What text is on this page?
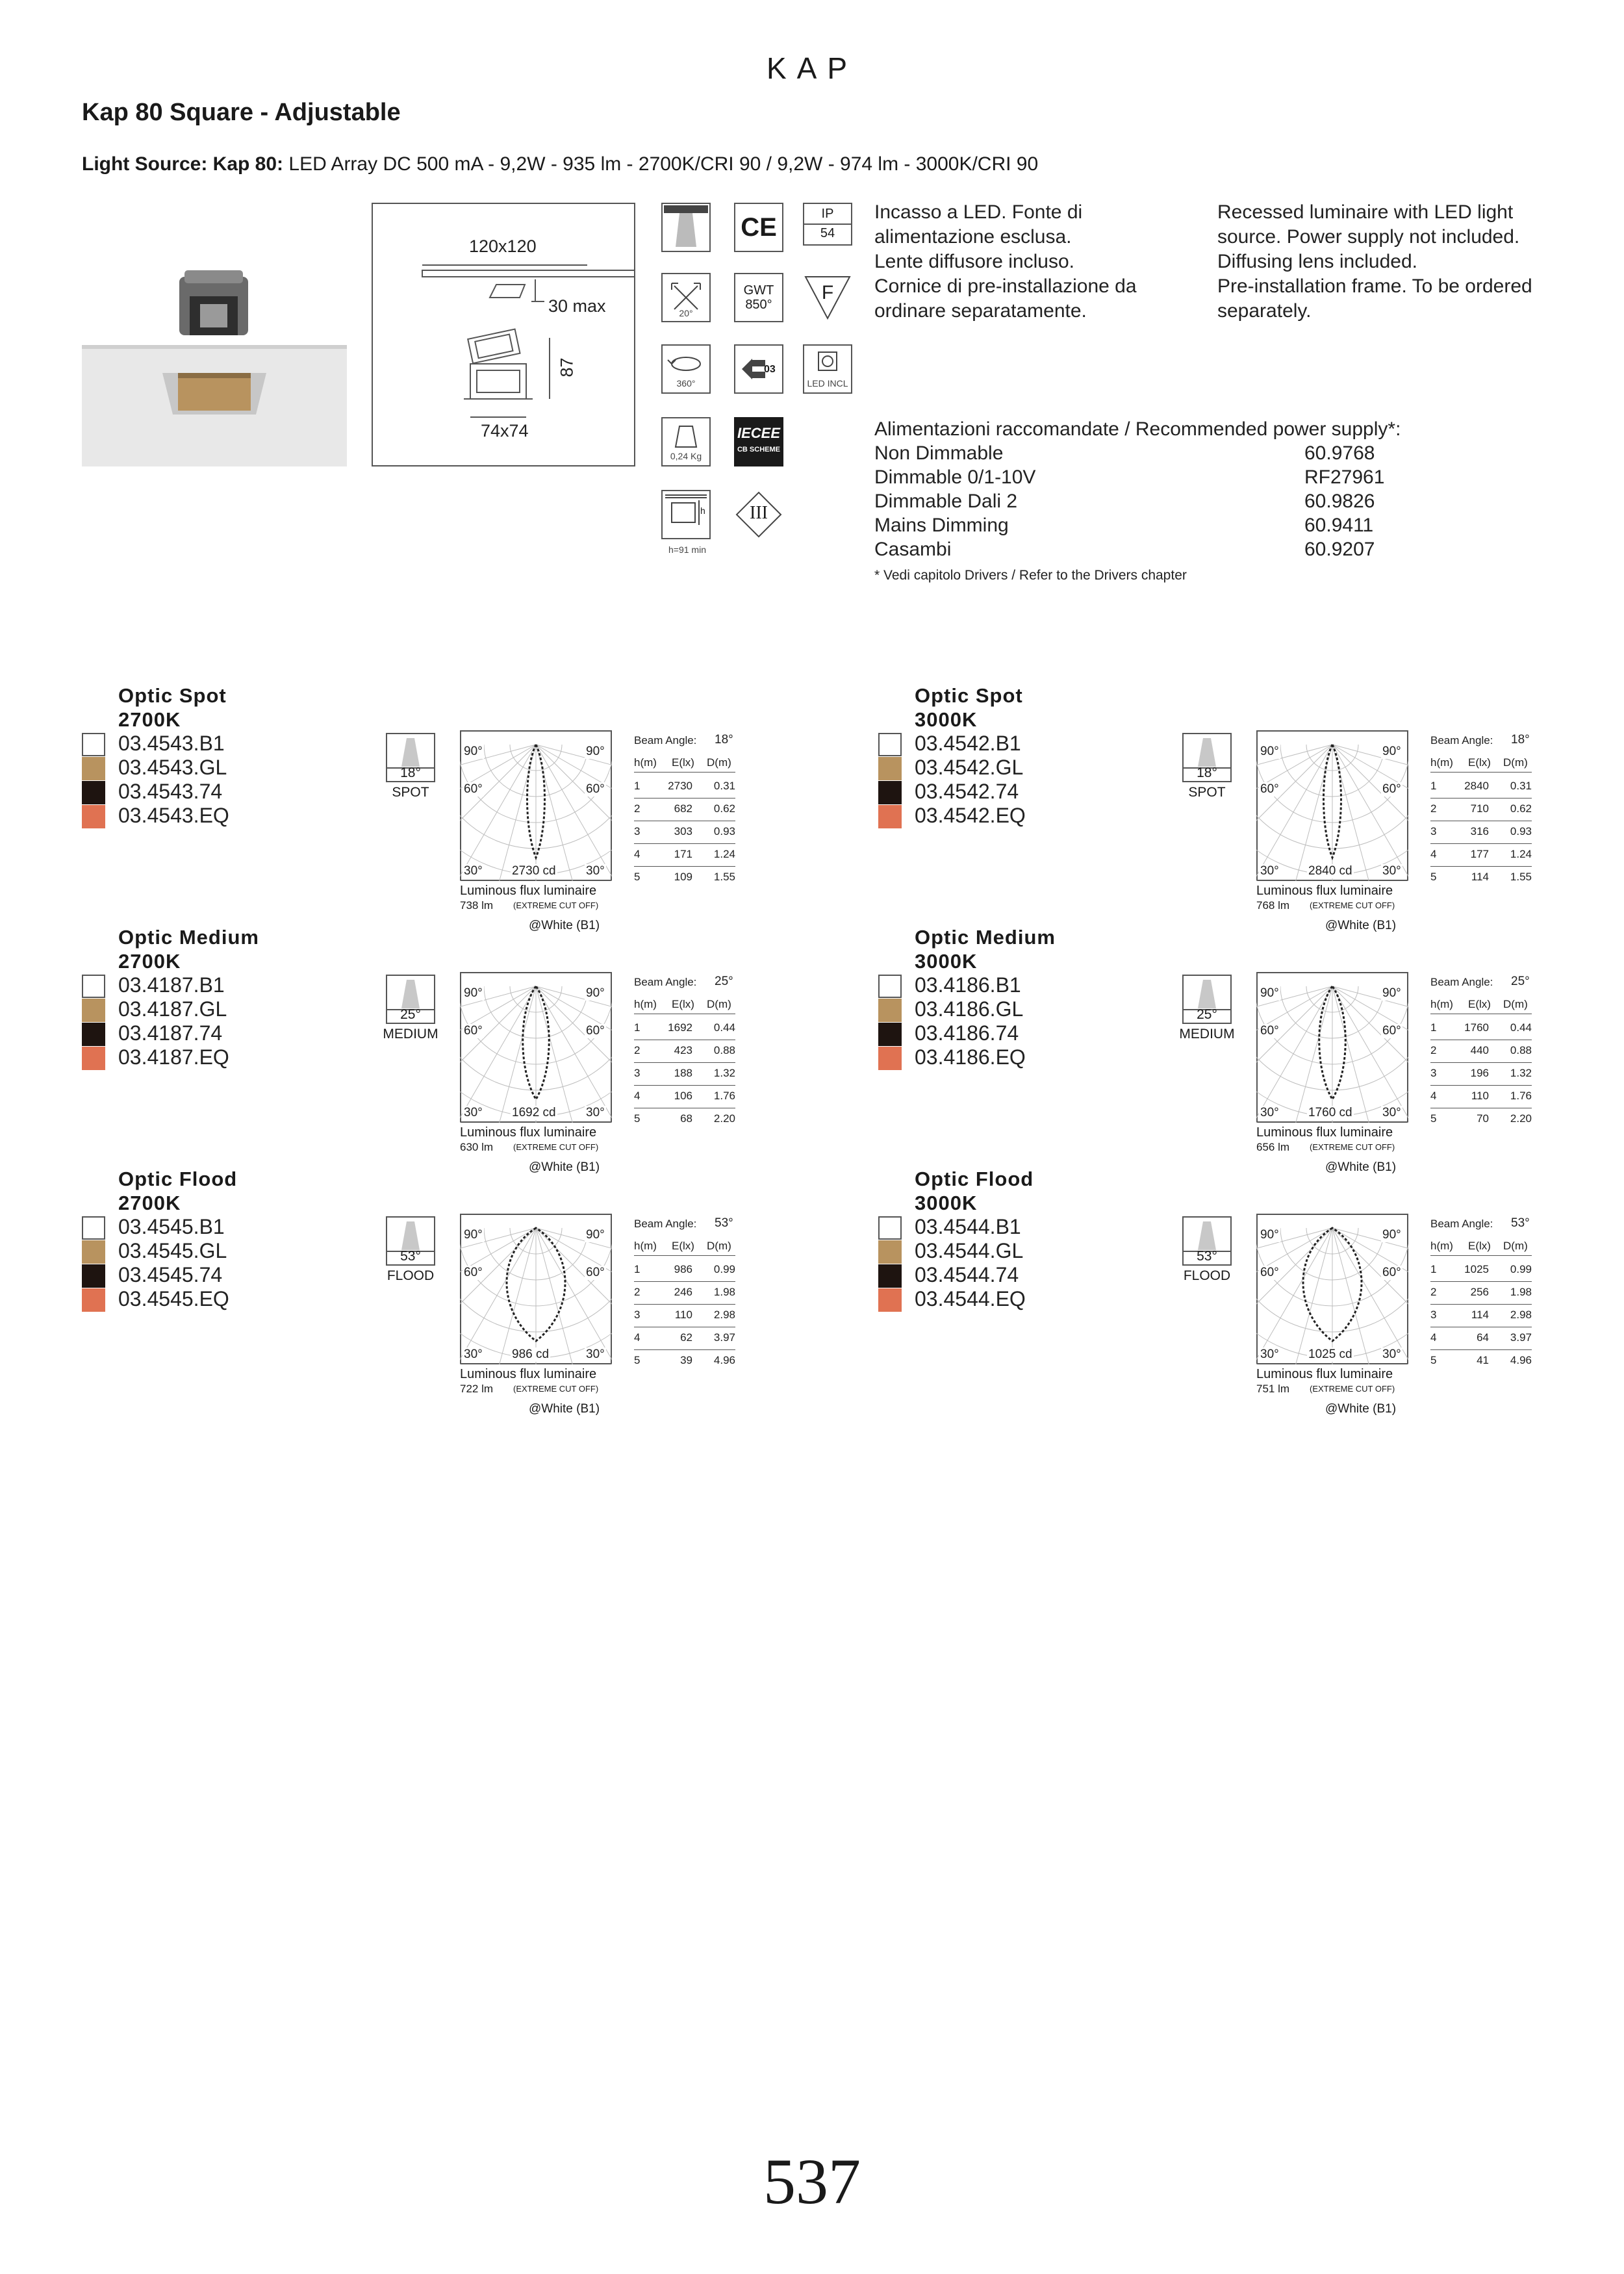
KAP
Kap 80 Square - Adjustable
Light Source: Kap 80: LED Array DC 500 mA - 9,2W - 935 lm - 2700K/CRI 90 / 9,2W - 974 lm - 3000K/CRI 90
120x120
30 max
87
74x74
CE	IP
54
20°
GWT
850°
F
360°
03
LED INCL
0,24 Kg
IECEE
CB SCHEME
h
h=91 min
III
Incasso a LED. Fonte di
alimentazione esclusa.
Lente diffusore incluso.
Cornice di pre-installazione da
ordinare separatamente.
Recessed luminaire with LED light
source. Power supply not included.
Diffusing lens included.
Pre-installation frame. To be ordered
separately.
Alimentazioni raccomandate / Recommended power supply*:
Non Dimmable	60.9768
Dimmable 0/1-10V	RF27961
Dimmable Dali 2	60.9826
Mains Dimming	60.9411
Casambi	60.9207
* Vedi capitolo Drivers / Refer to the Drivers chapter
Optic Spot
2700K
03.4543.B1
03.4543.GL
03.4543.74
03.4543.EQ
18°
SPOT
90°	90°
60°	60°
30°	30°
2730 cd
Luminous flux luminaire
738 lm (EXTREME CUT OFF)
@White (B1)
Beam Angle: 18°
h(m) E(lx) D(m)
1	2730 0.31
2	682 0.62
3	303 0.93
4	171 1.24
5	109 1.55
Optic Spot
3000K
03.4542.B1
03.4542.GL
03.4542.74
03.4542.EQ
18°
SPOT
90°	90°
60°	60°
30°	30°
2840 cd
Luminous flux luminaire
768 lm (EXTREME CUT OFF)
@White (B1)
Beam Angle: 18°
h(m) E(lx) D(m)
1	2840 0.31
2	710 0.62
3	316 0.93
4	177 1.24
5	114 1.55
Optic Medium
2700K
03.4187.B1
03.4187.GL
03.4187.74
03.4187.EQ
25°
MEDIUM
90°	90°
60°	60°
30°	30°
1692 cd
Luminous flux luminaire
630 lm (EXTREME CUT OFF)
@White (B1)
Beam Angle: 25°
h(m) E(lx) D(m)
1	1692 0.44
2	423 0.88
3	188 1.32
4	106 1.76
5	68 2.20
Optic Medium
3000K
03.4186.B1
03.4186.GL
03.4186.74
03.4186.EQ
25°
MEDIUM
90°	90°
60°	60°
30°	30°
1760 cd
Luminous flux luminaire
656 lm (EXTREME CUT OFF)
@White (B1)
Beam Angle: 25°
h(m) E(lx) D(m)
1	1760 0.44
2	440 0.88
3	196 1.32
4	110 1.76
5	70 2.20
Optic Flood
2700K
03.4545.B1
03.4545.GL
03.4545.74
03.4545.EQ
53°
FLOOD
90°	90°
60°	60°
30°	30°
986 cd
Luminous flux luminaire
722 lm (EXTREME CUT OFF)
@White (B1)
Beam Angle: 53°
h(m) E(lx) D(m)
1	986 0.99
2	246 1.98
3	110 2.98
4	62 3.97
5	39 4.96
Optic Flood
3000K
03.4544.B1
03.4544.GL
03.4544.74
03.4544.EQ
53°
FLOOD
90°	90°
60°	60°
30°	30°
1025 cd
Luminous flux luminaire
751 lm (EXTREME CUT OFF)
@White (B1)
Beam Angle: 53°
h(m) E(lx) D(m)
1	1025 0.99
2	256 1.98
3	114 2.98
4	64 3.97
5	41 4.96
537
